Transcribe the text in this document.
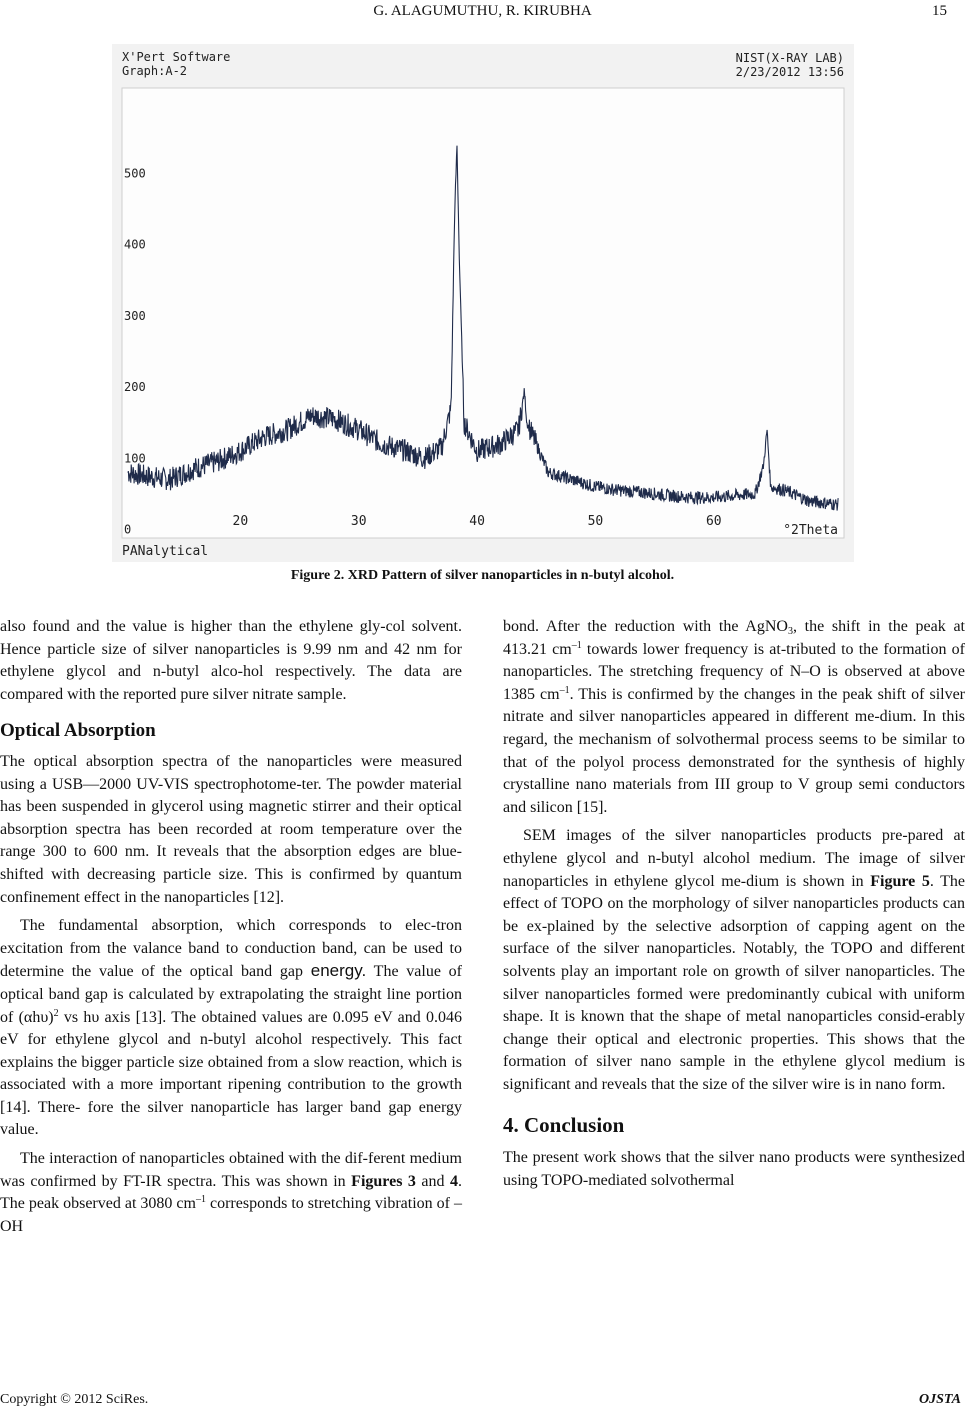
G. ALAGUMUTHU, R. KIRUBHA	15
X'Pert Software
Graph:A-2
NIST(X-RAY LAB)
2/23/2012 13:56
0
100
200
300
400
500
20	30	40	50	60
°2Theta
PANalytical
Figure 2. XRD Pattern of silver nanoparticles in n-butyl alcohol.

also found and the value is higher than the ethylene gly-col solvent. Hence particle size of silver nanoparticles is 9.99 nm and 42 nm for ethylene glycol and n-butyl alco-hol respectively. The data are compared with the reported pure silver nitrate sample.

Optical Absorption

The optical absorption spectra of the nanoparticles were measured using a USB—2000 UV-VIS spectrophotome-ter. The powder material has been suspended in glycerol using magnetic stirrer and their optical absorption spectra has been recorded at room temperature over the range 300 to 600 nm. It reveals that the absorption edges are blue-shifted with decreasing particle size. This is confirmed by quantum confinement effect in the nanoparticles [12].

The fundamental absorption, which corresponds to elec-tron excitation from the valance band to conduction band, can be used to determine the value of the optical band gap energy. The value of optical band gap is calculated by extrapolating the straight line portion of $(\alpha h\upsilon)^2$ vs hυ axis [13]. The obtained values are 0.095 eV and 0.046 eV for ethylene glycol and n-butyl alcohol respectively. This fact explains the bigger particle size obtained from a slow reaction, which is associated with a more important ripening contribution to the growth [14]. There- fore the silver nanoparticle has larger band gap energy value.

The interaction of nanoparticles obtained with the dif-ferent medium was confirmed by FT-IR spectra. This was shown in Figures 3 and 4. The peak observed at 3080 $cm^{-1}$ corresponds to stretching vibration of –OH

bond. After the reduction with the AgNO$_3$, the shift in the peak at 413.21 $cm^{-1}$ towards lower frequency is at-tributed to the formation of nanoparticles. The stretching frequency of N–O is observed at above 1385 $cm^{-1}$. This is confirmed by the changes in the peak shift of silver nitrate and silver nanoparticles appeared in different me-dium. In this regard, the mechanism of solvothermal process seems to be similar to that of the polyol process demonstrated for the synthesis of highly crystalline nano materials from III group to V group semi conductors and silicon [15].

SEM images of the silver nanoparticles products pre-pared at ethylene glycol and n-butyl alcohol medium. The image of silver nanoparticles in ethylene glycol me-dium is shown in Figure 5. The effect of TOPO on the morphology of silver nanoparticles products can be ex-plained by the selective adsorption of capping agent on the surface of the silver nanoparticles. Notably, the TOPO and different solvents play an important role on growth of silver nanoparticles. The silver nanoparticles formed were predominantly cubical with uniform shape. It is known that the shape of metal nanoparticles consid-erably change their optical and electronic properties. This shows that the formation of silver nano sample in the ethylene glycol medium is significant and reveals that the size of the silver wire is in nano form.

4. Conclusion

The present work shows that the silver nano products were synthesized using TOPO-mediated solvothermal

Copyright © 2012 SciRes.	OJSTA
